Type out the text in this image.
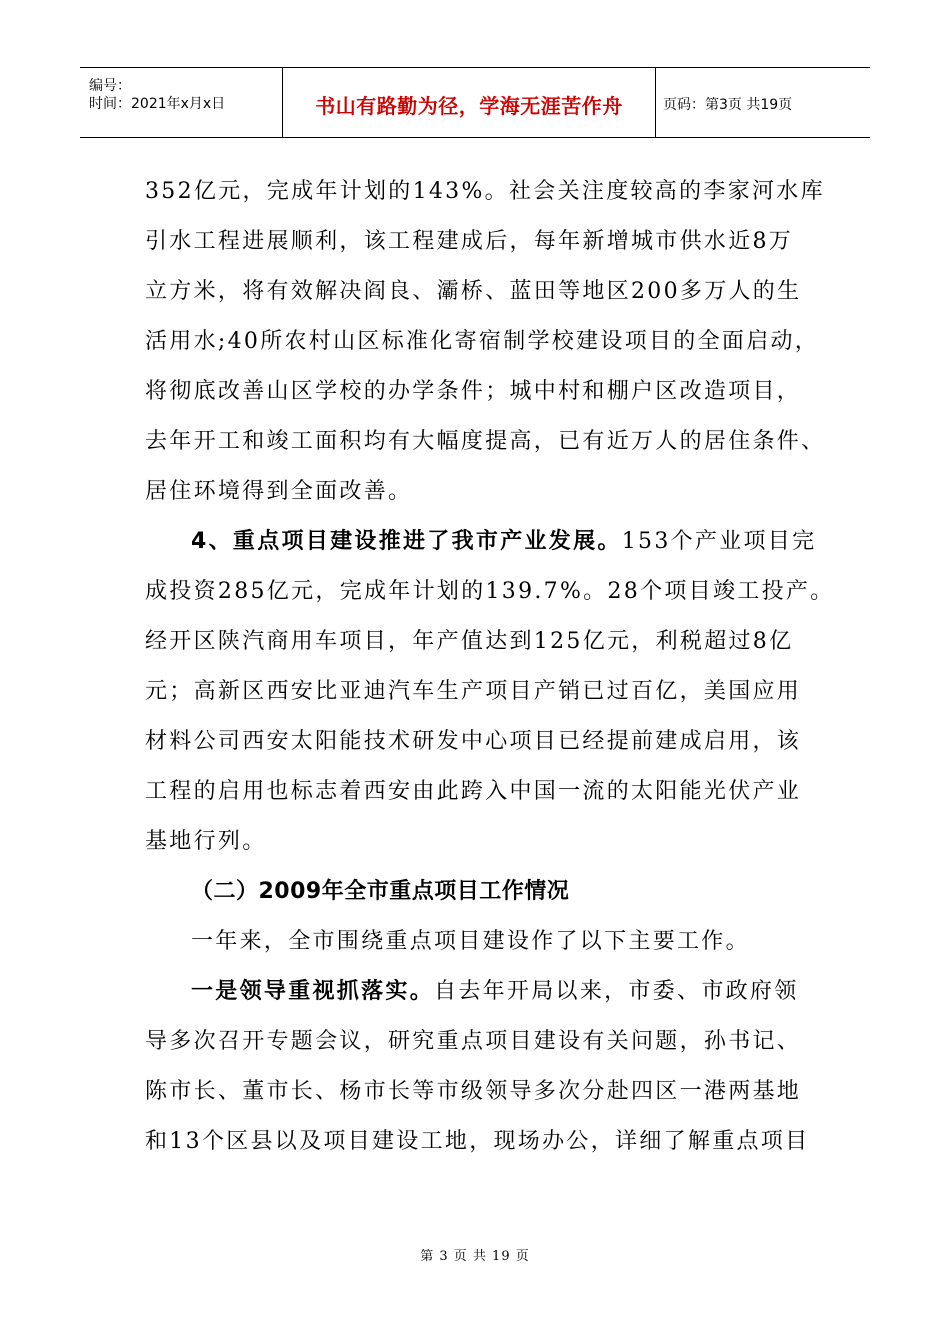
编号：
时间：2021年x月x日	书山有路勤为径，学海无涯苦作舟	页码：第3页 共19页
352亿元，完成年计划的143%。社会关注度较高的李家河水库
引水工程进展顺利，该工程建成后，每年新增城市供水近8万
立方米，将有效解决阎良、灞桥、蓝田等地区200多万人的生
活用水;40所农村山区标准化寄宿制学校建设项目的全面启动，
将彻底改善山区学校的办学条件；城中村和棚户区改造项目，
去年开工和竣工面积均有大幅度提高，已有近万人的居住条件、
居住环境得到全面改善。
4、重点项目建设推进了我市产业发展。153个产业项目完
成投资285亿元，完成年计划的139.7%。28个项目竣工投产。
经开区陕汽商用车项目，年产值达到125亿元，利税超过8亿
元；高新区西安比亚迪汽车生产项目产销已过百亿，美国应用
材料公司西安太阳能技术研发中心项目已经提前建成启用，该
工程的启用也标志着西安由此跨入中国一流的太阳能光伏产业
基地行列。
（二）2009年全市重点项目工作情况
一年来，全市围绕重点项目建设作了以下主要工作。
一是领导重视抓落实。自去年开局以来，市委、市政府领
导多次召开专题会议，研究重点项目建设有关问题，孙书记、
陈市长、董市长、杨市长等市级领导多次分赴四区一港两基地
和13个区县以及项目建设工地，现场办公，详细了解重点项目
第 3 页 共 19 页
